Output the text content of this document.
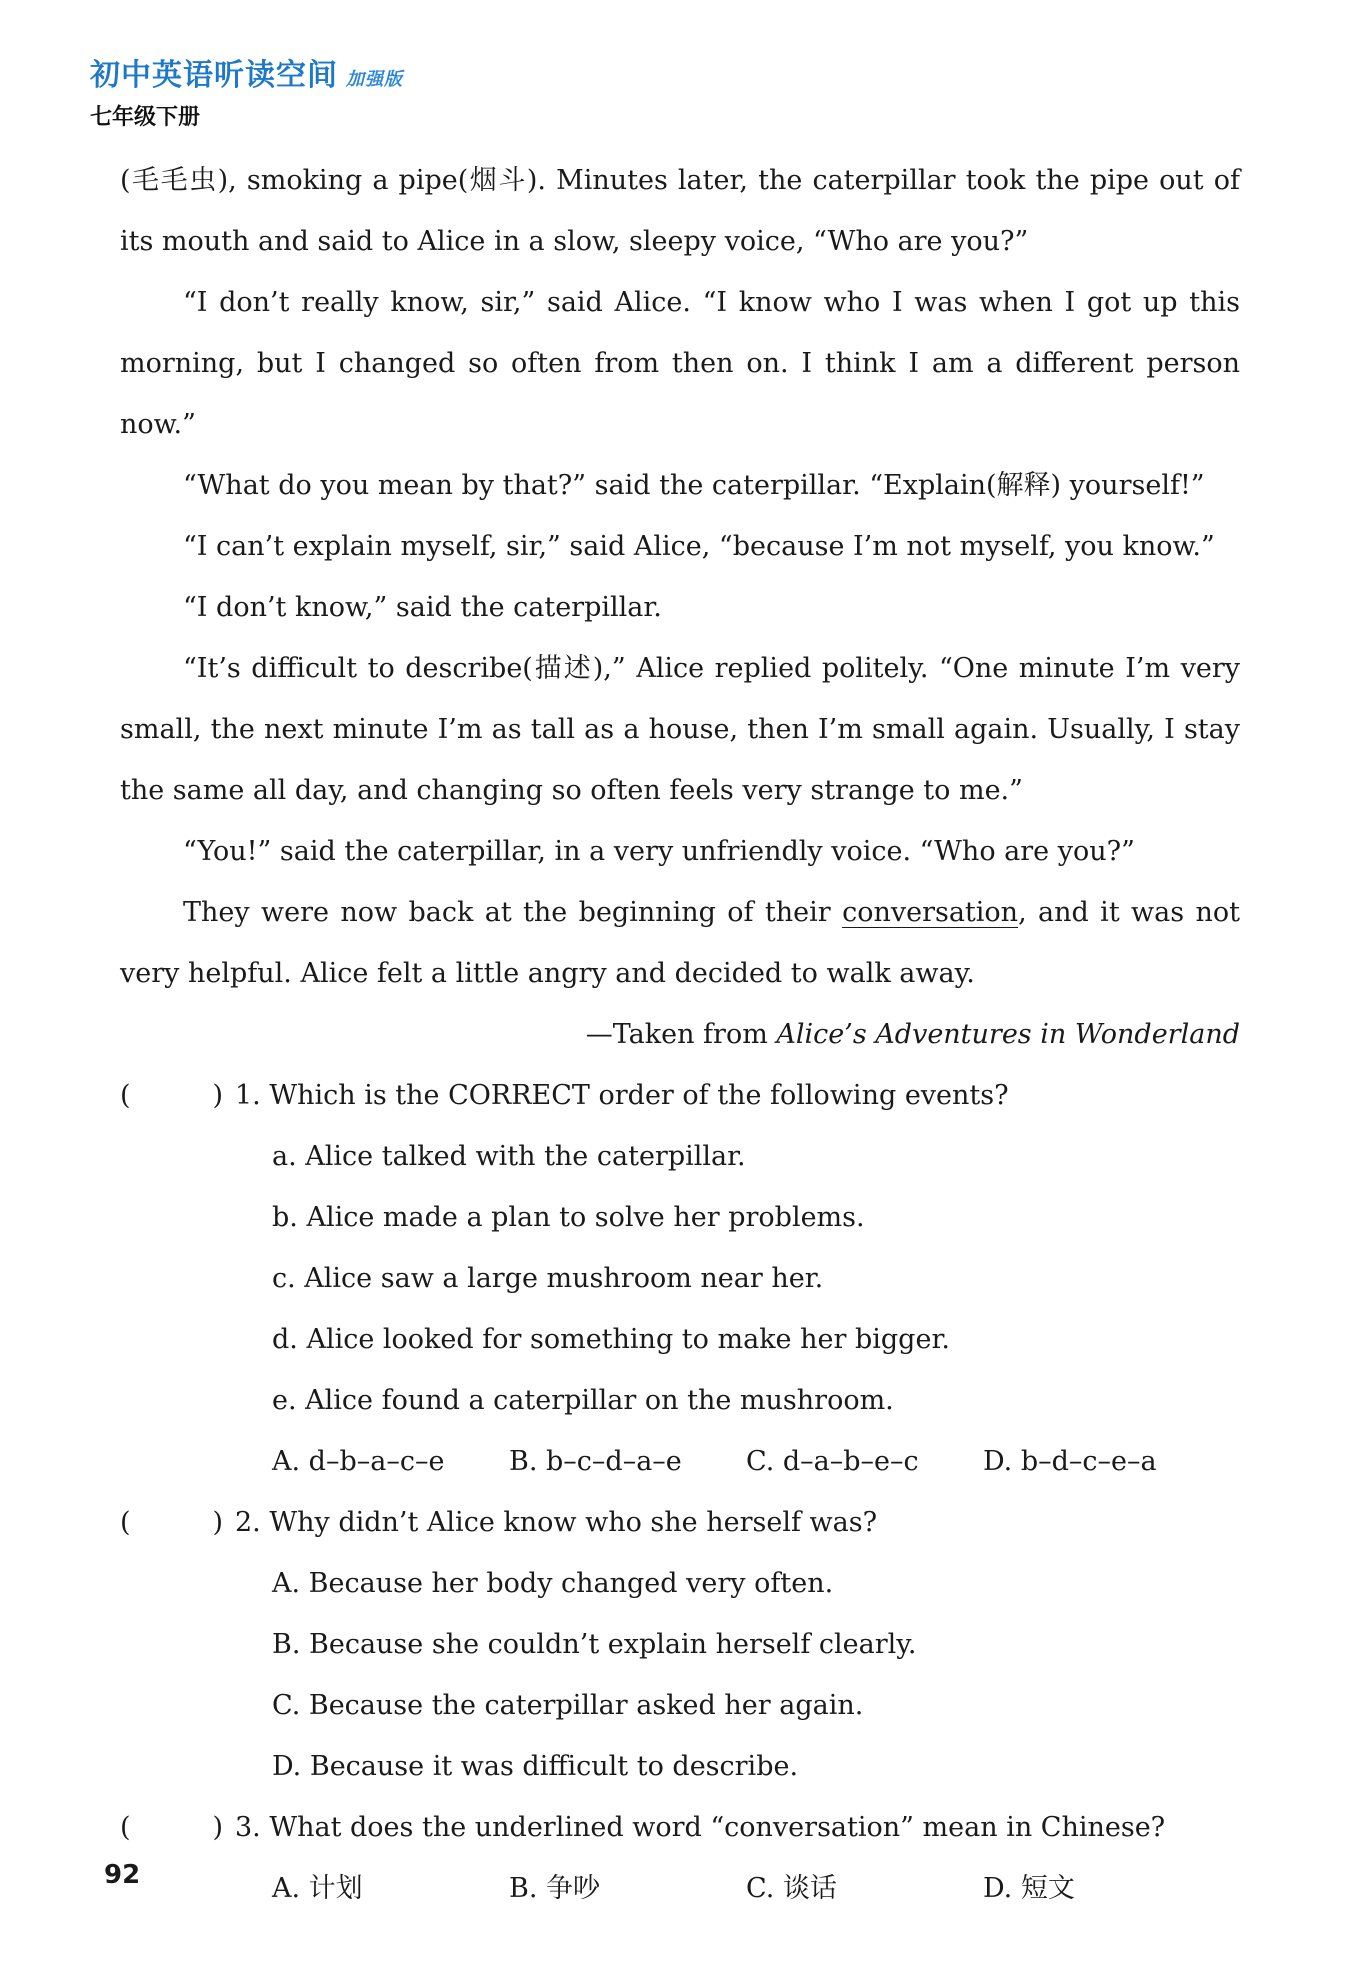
初中英语听读空间 加强版
七年级下册

(毛毛虫), smoking a pipe(烟斗). Minutes later, the caterpillar took the pipe out of its mouth and said to Alice in a slow, sleepy voice, “Who are you?”

“I don’t really know, sir,” said Alice. “I know who I was when I got up this morning, but I changed so often from then on. I think I am a different person now.”

“What do you mean by that?” said the caterpillar. “Explain(解释) yourself!”

“I can’t explain myself, sir,” said Alice, “because I’m not myself, you know.”

“I don’t know,” said the caterpillar.

“It’s difficult to describe(描述),” Alice replied politely. “One minute I’m very small, the next minute I’m as tall as a house, then I’m small again. Usually, I stay the same all day, and changing so often feels very strange to me.”

“You!” said the caterpillar, in a very unfriendly voice. “Who are you?”

They were now back at the beginning of their conversation, and it was not very helpful. Alice felt a little angry and decided to walk away.

—Taken from Alice’s Adventures in Wonderland

(	) 1. Which is the CORRECT order of the following events?

a. Alice talked with the caterpillar.

b. Alice made a plan to solve her problems.

c. Alice saw a large mushroom near her.

d. Alice looked for something to make her bigger.

e. Alice found a caterpillar on the mushroom.

A. d–b–a–c–e	B. b–c–d–a–e	C. d–a–b–e–c	D. b–d–c–e–a
(	) 2. Why didn’t Alice know who she herself was?

A. Because her body changed very often.

B. Because she couldn’t explain herself clearly.

C. Because the caterpillar asked her again.

D. Because it was difficult to describe.

(	) 3. What does the underlined word “conversation” mean in Chinese?
A. 计划	B. 争吵	C. 谈话	D. 短文
92
